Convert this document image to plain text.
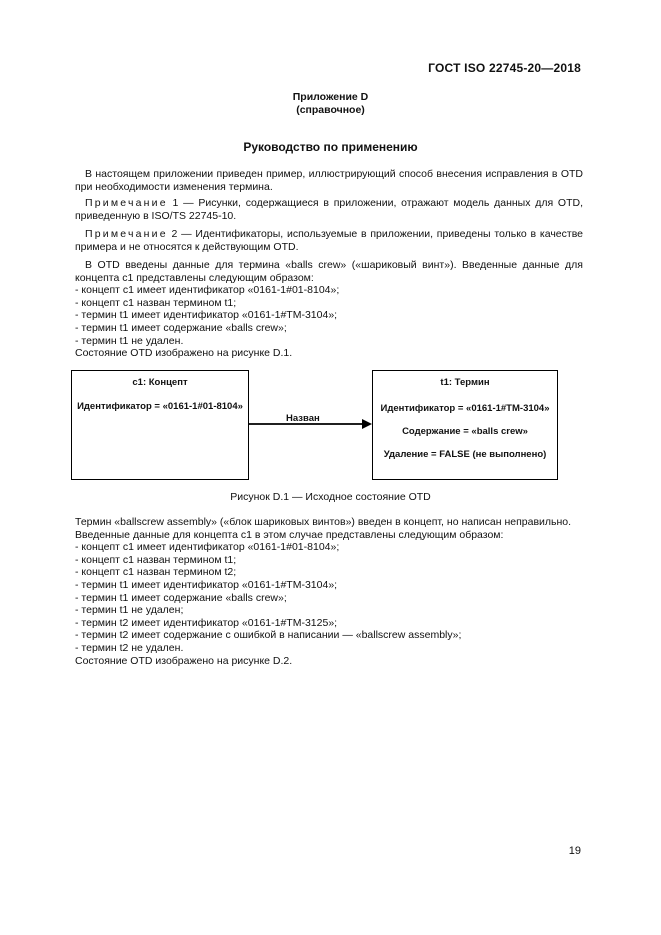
ГОСТ ISO 22745-20—2018
Приложение D
(справочное)
Руководство по применению
В настоящем приложении приведен пример, иллюстрирующий способ внесения исправления в OTD при необходимости изменения термина.
Примечание 1 — Рисунки, содержащиеся в приложении, отражают модель данных для OTD, приведенную в ISO/TS 22745-10.
Примечание 2 — Идентификаторы, используемые в приложении, приведены только в качестве примера и не относятся к действующим OTD.
В OTD введены данные для термина «balls crew» («шариковый винт»). Введенные данные для концепта c1 представлены следующим образом:
- концепт c1 имеет идентификатор «0161-1#01-8104»;
- концепт c1 назван термином t1;
- термин t1 имеет идентификатор «0161-1#TM-3104»;
- термин t1 имеет содержание «balls crew»;
- термин t1 не удален.
Состояние OTD изображено на рисунке D.1.
c1: Концепт
Идентификатор = «0161-1#01-8104»
Назван
t1: Термин
Идентификатор = «0161-1#TM-3104»
Содержание = «balls crew»
Удаление = FALSE (не выполнено)
Рисунок D.1 — Исходное состояние OTD
Термин «ballscrew assembly» («блок шариковых винтов») введен в концепт, но написан неправильно.
Введенные данные для концепта c1 в этом случае представлены следующим образом:
- концепт c1 имеет идентификатор «0161-1#01-8104»;
- концепт c1 назван термином t1;
- концепт c1 назван термином t2;
- термин t1 имеет идентификатор «0161-1#TM-3104»;
- термин t1 имеет содержание «balls crew»;
- термин t1 не удален;
- термин t2 имеет идентификатор «0161-1#TM-3125»;
- термин t2 имеет содержание с ошибкой в написании — «ballscrew assembly»;
- термин t2 не удален.
Состояние OTD изображено на рисунке D.2.
19
